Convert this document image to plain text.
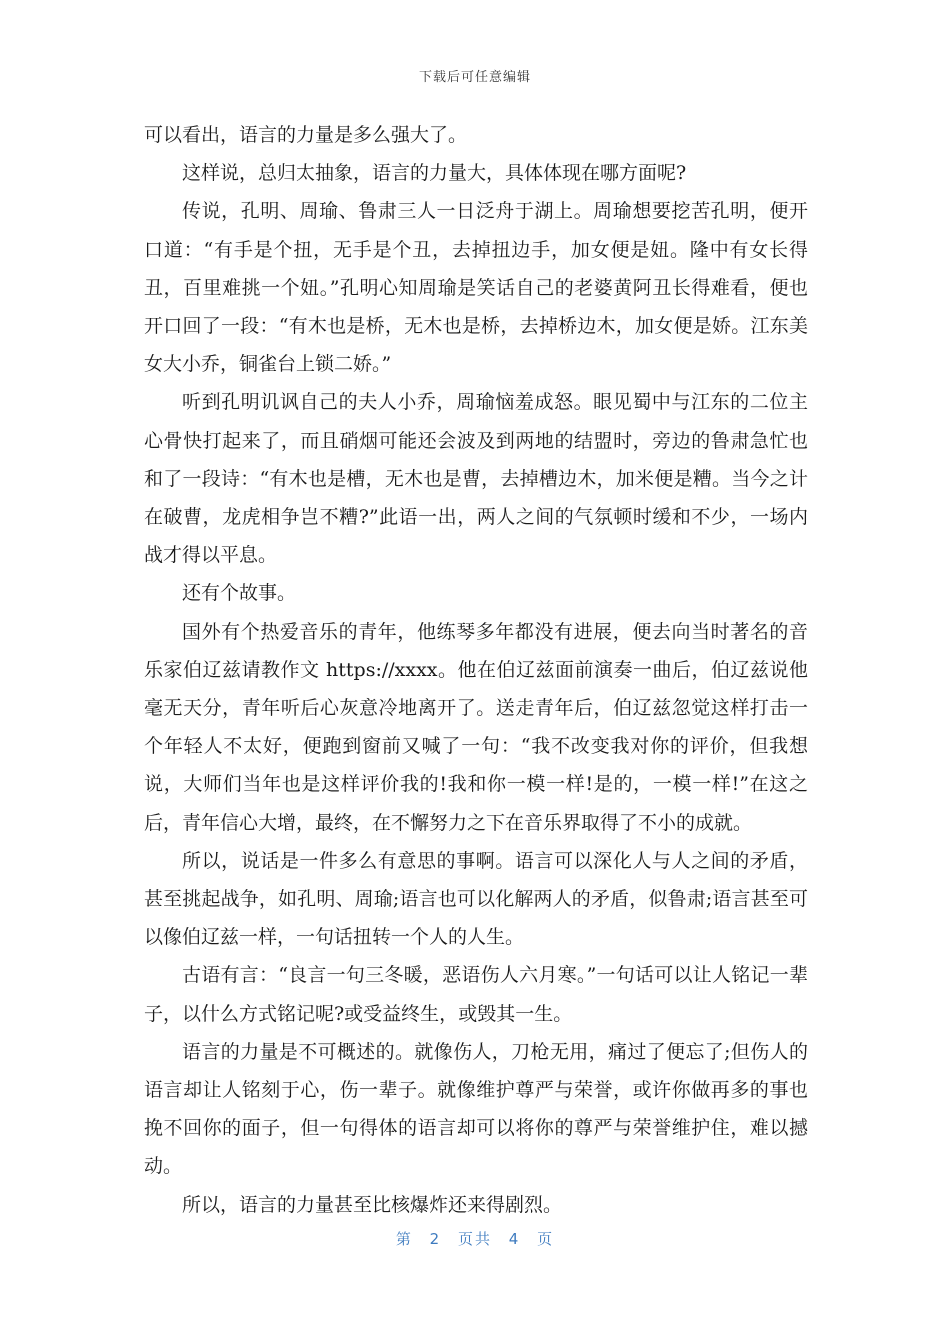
下载后可任意编辑

可以看出，语言的力量是多么强大了。

这样说，总归太抽象，语言的力量大，具体体现在哪方面呢?

传说，孔明、周瑜、鲁肃三人一日泛舟于湖上。周瑜想要挖苦孔明，便开口道：“有手是个扭，无手是个丑，去掉扭边手，加女便是妞。隆中有女长得丑，百里难挑一个妞。”孔明心知周瑜是笑话自己的老婆黄阿丑长得难看，便也开口回了一段：“有木也是桥，无木也是桥，去掉桥边木，加女便是娇。江东美女大小乔，铜雀台上锁二娇。”

听到孔明讥讽自己的夫人小乔，周瑜恼羞成怒。眼见蜀中与江东的二位主心骨快打起来了，而且硝烟可能还会波及到两地的结盟时，旁边的鲁肃急忙也和了一段诗：“有木也是槽，无木也是曹，去掉槽边木，加米便是糟。当今之计在破曹，龙虎相争岂不糟?”此语一出，两人之间的气氛顿时缓和不少，一场内战才得以平息。

还有个故事。

国外有个热爱音乐的青年，他练琴多年都没有进展，便去向当时著名的音乐家伯辽兹请教作文 https://xxxx。他在伯辽兹面前演奏一曲后，伯辽兹说他毫无天分，青年听后心灰意冷地离开了。送走青年后，伯辽兹忽觉这样打击一个年轻人不太好，便跑到窗前又喊了一句：“我不改变我对你的评价，但我想说，大师们当年也是这样评价我的!我和你一模一样!是的，一模一样!”在这之后，青年信心大增，最终，在不懈努力之下在音乐界取得了不小的成就。

所以，说话是一件多么有意思的事啊。语言可以深化人与人之间的矛盾，甚至挑起战争，如孔明、周瑜;语言也可以化解两人的矛盾，似鲁肃;语言甚至可以像伯辽兹一样，一句话扭转一个人的人生。

古语有言：“良言一句三冬暖，恶语伤人六月寒。”一句话可以让人铭记一辈子，以什么方式铭记呢?或受益终生，或毁其一生。

语言的力量是不可概述的。就像伤人，刀枪无用，痛过了便忘了;但伤人的语言却让人铭刻于心，伤一辈子。就像维护尊严与荣誉，或许你做再多的事也挽不回你的面子，但一句得体的语言却可以将你的尊严与荣誉维护住，难以撼动。

所以，语言的力量甚至比核爆炸还来得剧烈。

第 2 页共 4 页
